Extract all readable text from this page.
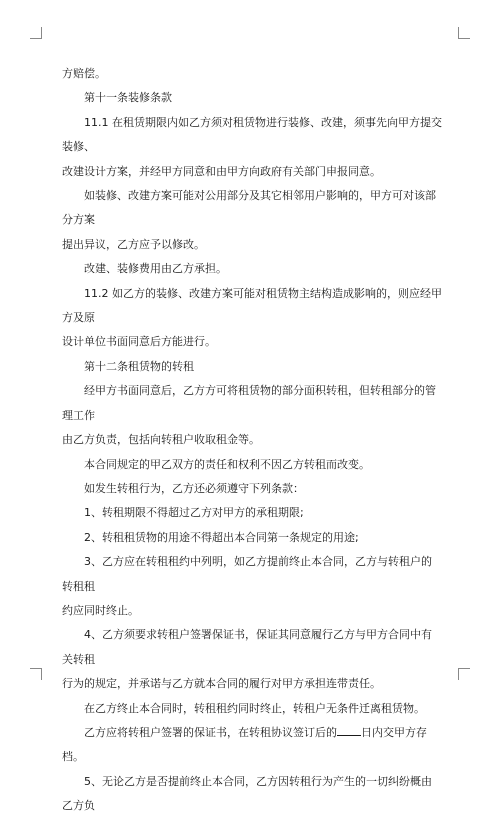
方赔偿。

第十一条装修条款

11.1 在租赁期限内如乙方须对租赁物进行装修、改建，须事先向甲方提交装修、

改建设计方案，并经甲方同意和由甲方向政府有关部门申报同意。

如装修、改建方案可能对公用部分及其它相邻用户影响的，甲方可对该部分方案

提出异议，乙方应予以修改。

改建、装修费用由乙方承担。

11.2 如乙方的装修、改建方案可能对租赁物主结构造成影响的，则应经甲方及原

设计单位书面同意后方能进行。

第十二条租赁物的转租

经甲方书面同意后，乙方方可将租赁物的部分面积转租，但转租部分的管理工作

由乙方负责，包括向转租户收取租金等。

本合同规定的甲乙双方的责任和权利不因乙方转租而改变。

如发生转租行为，乙方还必须遵守下列条款：

1、转租期限不得超过乙方对甲方的承租期限;

2、转租租赁物的用途不得超出本合同第一条规定的用途;

3、乙方应在转租租约中列明，如乙方提前终止本合同，乙方与转租户的转租租

约应同时终止。

4、乙方须要求转租户签署保证书，保证其同意履行乙方与甲方合同中有关转租

行为的规定，并承诺与乙方就本合同的履行对甲方承担连带责任。

在乙方终止本合同时，转租租约同时终止，转租户无条件迁离租赁物。

乙方应将转租户签署的保证书，在转租协议签订后的 日内交甲方存档。

5、无论乙方是否提前终止本合同，乙方因转租行为产生的一切纠纷概由乙方负
